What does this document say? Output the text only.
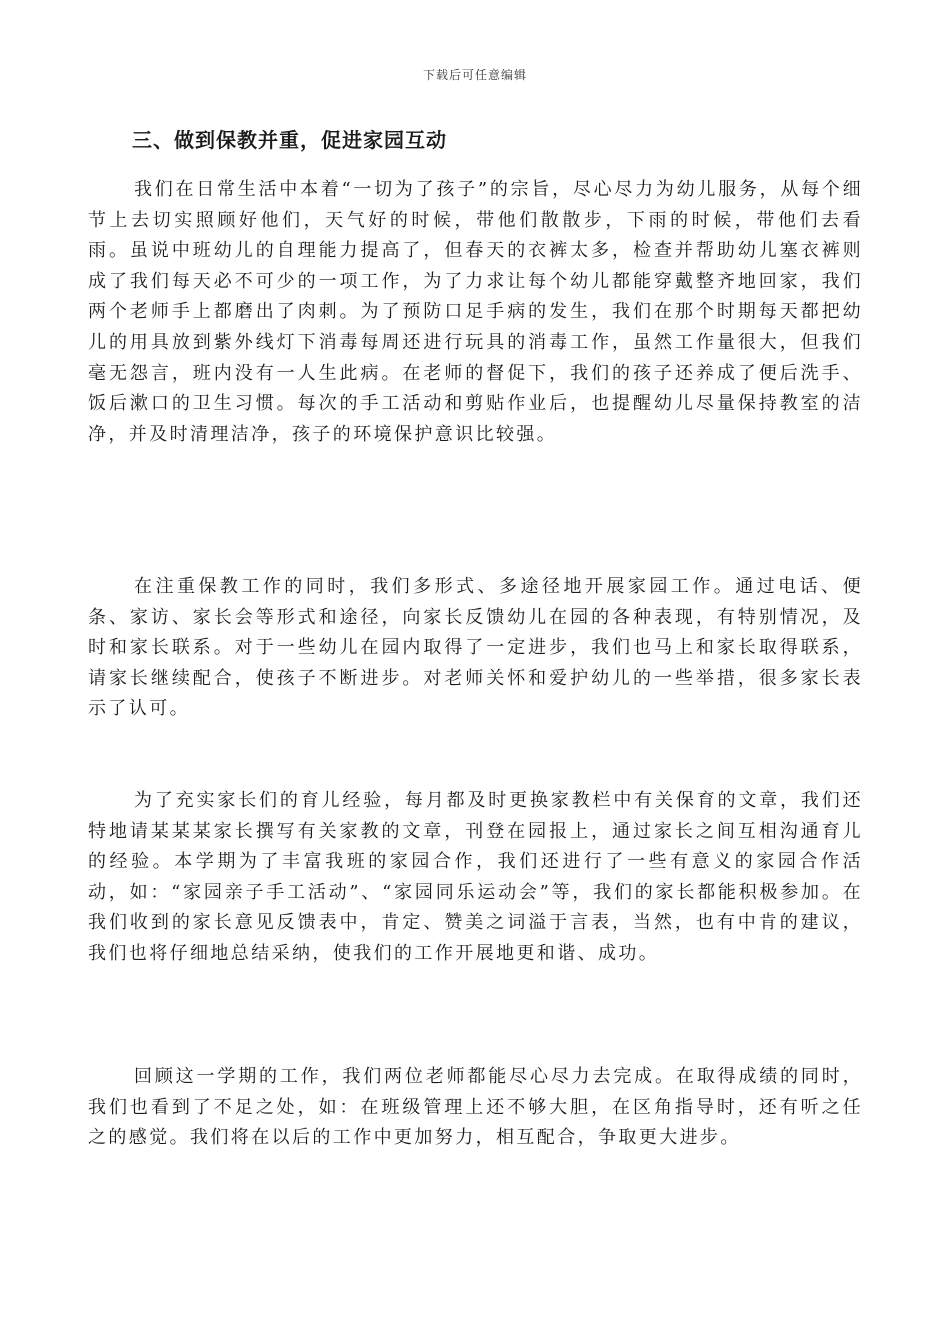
下载后可任意编辑
三、做到保教并重，促进家园互动

我们在日常生活中本着“一切为了孩子”的宗旨，尽心尽力为幼儿服务，从每个细节上去切实照顾好他们，天气好的时候，带他们散散步，下雨的时候，带他们去看雨。虽说中班幼儿的自理能力提高了，但春天的衣裤太多，检查并帮助幼儿塞衣裤则成了我们每天必不可少的一项工作，为了力求让每个幼儿都能穿戴整齐地回家，我们两个老师手上都磨出了肉刺。为了预防口足手病的发生，我们在那个时期每天都把幼儿的用具放到紫外线灯下消毒每周还进行玩具的消毒工作，虽然工作量很大，但我们毫无怨言，班内没有一人生此病。在老师的督促下，我们的孩子还养成了便后洗手、饭后漱口的卫生习惯。每次的手工活动和剪贴作业后，也提醒幼儿尽量保持教室的洁净，并及时清理洁净，孩子的环境保护意识比较强。

在注重保教工作的同时，我们多形式、多途径地开展家园工作。通过电话、便条、家访、家长会等形式和途径，向家长反馈幼儿在园的各种表现，有特别情况，及时和家长联系。对于一些幼儿在园内取得了一定进步，我们也马上和家长取得联系，请家长继续配合，使孩子不断进步。对老师关怀和爱护幼儿的一些举措，很多家长表示了认可。

为了充实家长们的育儿经验，每月都及时更换家教栏中有关保育的文章，我们还特地请某某某家长撰写有关家教的文章，刊登在园报上，通过家长之间互相沟通育儿的经验。本学期为了丰富我班的家园合作，我们还进行了一些有意义的家园合作活动，如：“家园亲子手工活动”、“家园同乐运动会”等，我们的家长都能积极参加。在我们收到的家长意见反馈表中，肯定、赞美之词溢于言表，当然，也有中肯的建议，我们也将仔细地总结采纳，使我们的工作开展地更和谐、成功。

回顾这一学期的工作，我们两位老师都能尽心尽力去完成。在取得成绩的同时，我们也看到了不足之处，如：在班级管理上还不够大胆，在区角指导时，还有听之任之的感觉。我们将在以后的工作中更加努力，相互配合，争取更大进步。
